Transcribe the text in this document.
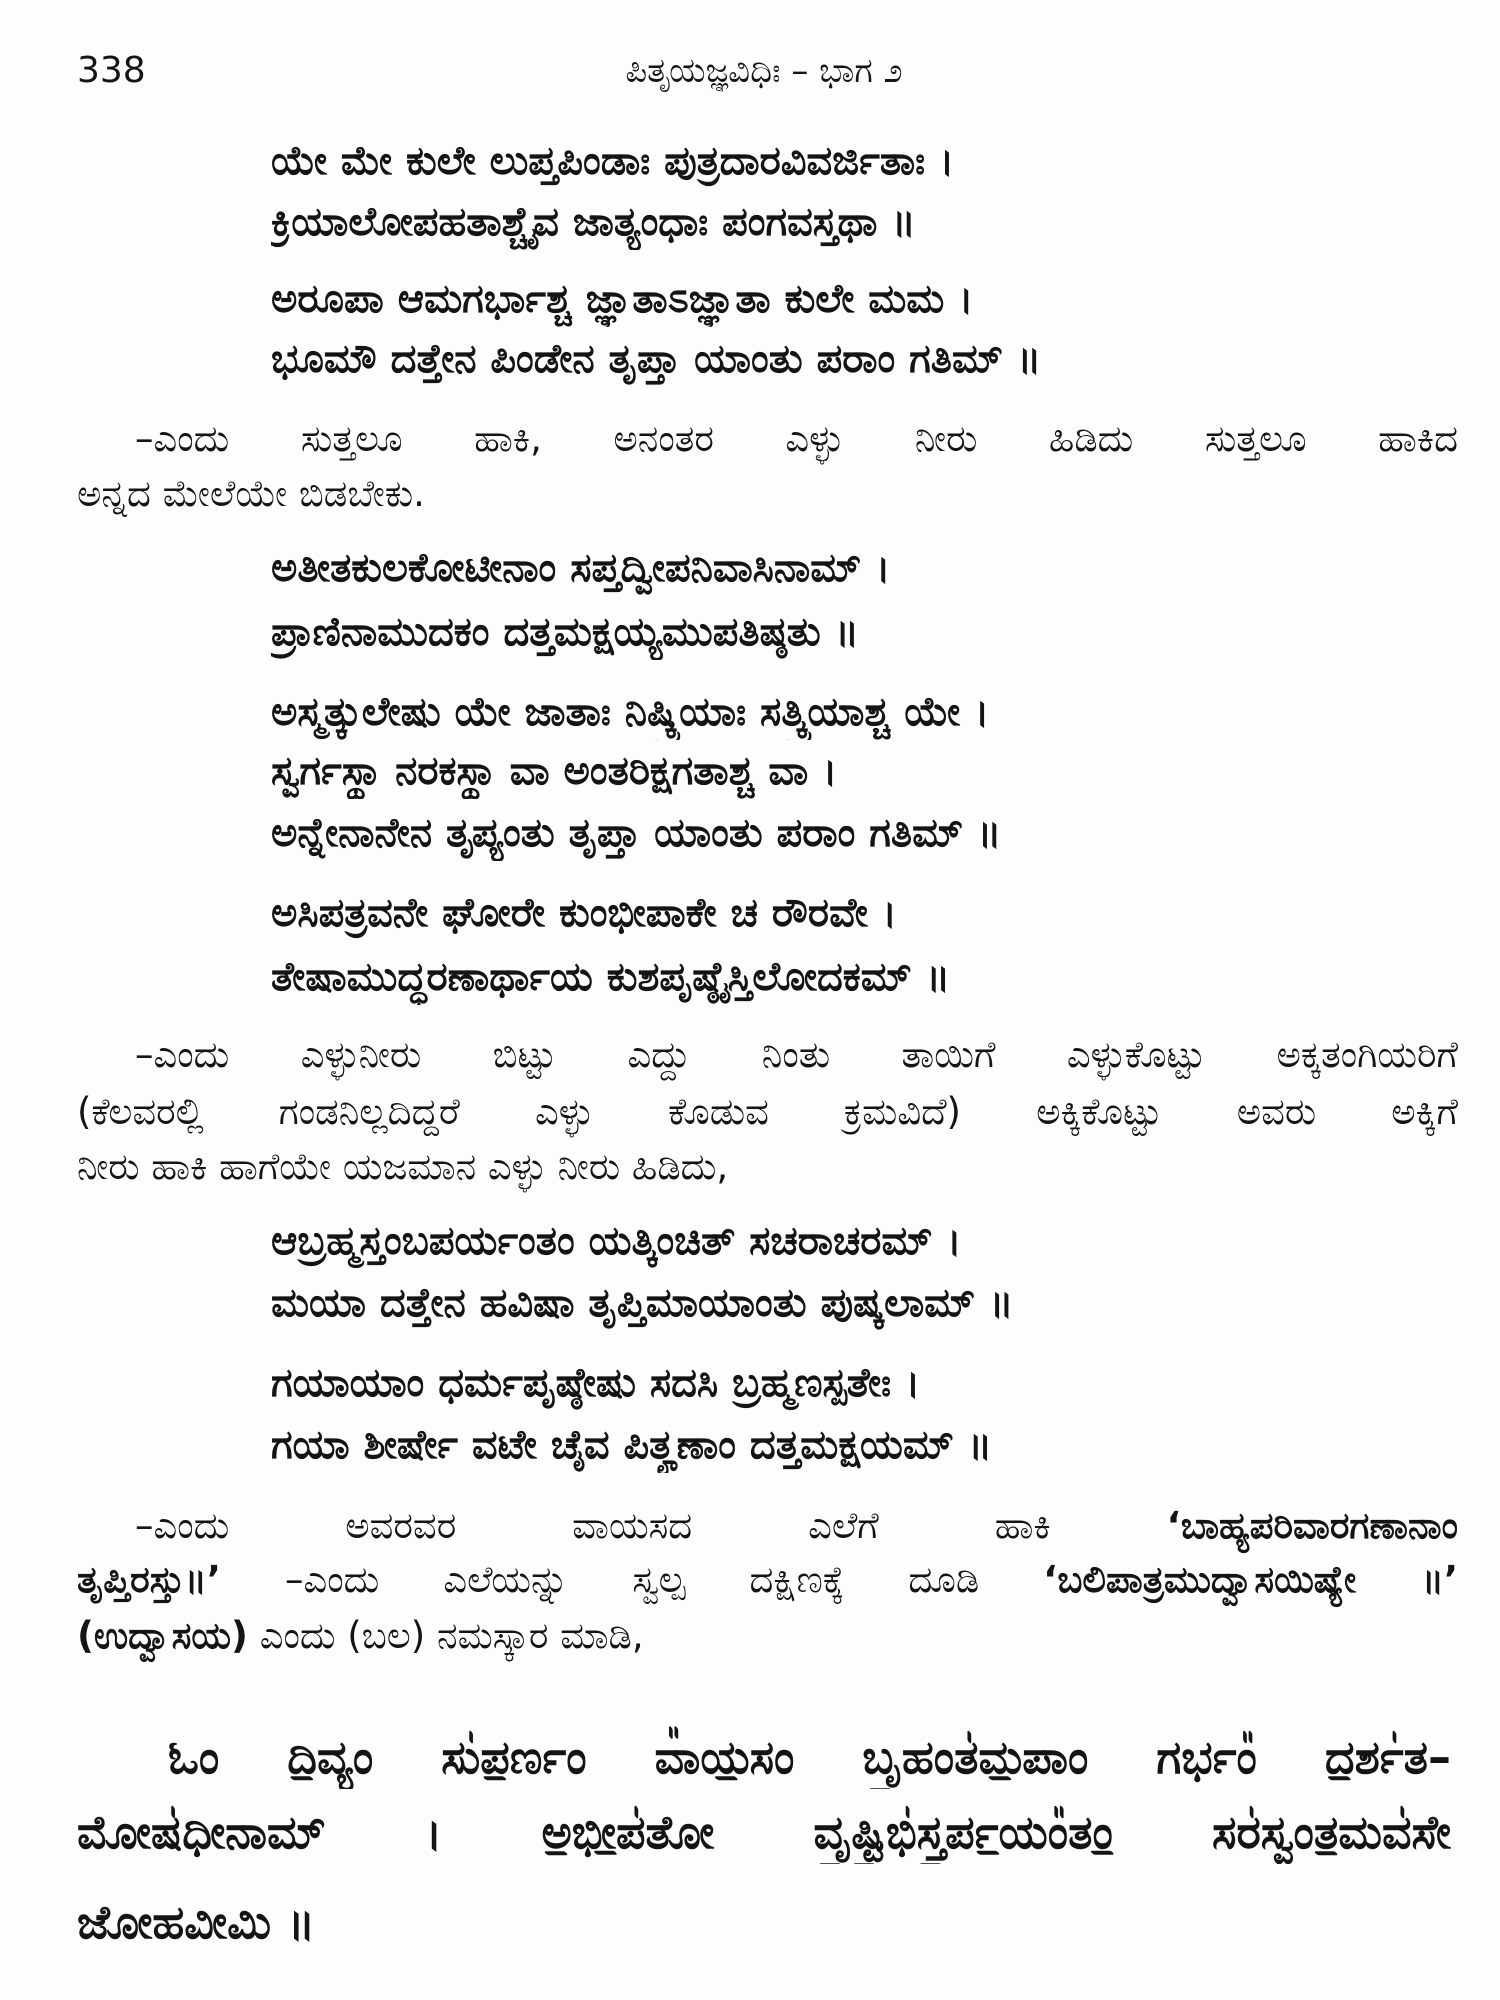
338	ಪಿತೃಯಜ್ಞವಿಧಿಃ – ಭಾಗ ೨
ಯೇ ಮೇ ಕುಲೇ ಲುಪ್ತಪಿಂಡಾಃ ಪುತ್ರದಾರವಿವರ್ಜಿತಾಃ ।
ಕ್ರಿಯಾಲೋಪಹತಾಶ್ಚೈವ ಜಾತ್ಯಂಧಾಃ ಪಂಗವಸ್ತಥಾ ॥
ಅರೂಪಾ ಆಮಗರ್ಭಾಶ್ಚ ಜ್ಞಾತಾಽಜ್ಞಾತಾ ಕುಲೇ ಮಮ ।
ಭೂಮೌ ದತ್ತೇನ ಪಿಂಡೇನ ತೃಪ್ತಾ ಯಾಂತು ಪರಾಂ ಗತಿಮ್ ॥
–ಎಂದು ಸುತ್ತಲೂ ಹಾಕಿ, ಅನಂತರ ಎಳ್ಳು ನೀರು ಹಿಡಿದು ಸುತ್ತಲೂ ಹಾಕಿದ
ಅನ್ನದ ಮೇಲೆಯೇ ಬಿಡಬೇಕು.
ಅತೀತಕುಲಕೋಟೀನಾಂ ಸಪ್ತದ್ವೀಪನಿವಾಸಿನಾಮ್ ।
ಪ್ರಾಣಿನಾಮುದಕಂ ದತ್ತಮಕ್ಷಯ್ಯಮುಪತಿಷ್ಠತು ॥
ಅಸ್ಮತ್ಕುಲೇಷು ಯೇ ಜಾತಾಃ ನಿಷ್ಕ್ರಿಯಾಃ ಸತ್ಕ್ರಿಯಾಶ್ಚ ಯೇ ।
ಸ್ವರ್ಗಸ್ಥಾ ನರಕಸ್ಥಾ ವಾ ಅಂತರಿಕ್ಷಗತಾಶ್ಚ ವಾ ।
ಅನ್ನೇನಾನೇನ ತೃಪ್ಯಂತು ತೃಪ್ತಾ ಯಾಂತು ಪರಾಂ ಗತಿಮ್ ॥
ಅಸಿಪತ್ರವನೇ ಘೋರೇ ಕುಂಭೀಪಾಕೇ ಚ ರೌರವೇ ।
ತೇಷಾಮುದ್ಧರಣಾರ್ಥಾಯ ಕುಶಪೃಷ್ಠೈಸ್ತಿಲೋದಕಮ್ ॥
–ಎಂದು ಎಳ್ಳುನೀರು ಬಿಟ್ಟು ಎದ್ದು ನಿಂತು ತಾಯಿಗೆ ಎಳ್ಳುಕೊಟ್ಟು ಅಕ್ಕತಂಗಿಯರಿಗೆ
(ಕೆಲವರಲ್ಲಿ ಗಂಡನಿಲ್ಲದಿದ್ದರೆ ಎಳ್ಳು ಕೊಡುವ ಕ್ರಮವಿದೆ) ಅಕ್ಕಿಕೊಟ್ಟು ಅವರು ಅಕ್ಕಿಗೆ
ನೀರು ಹಾಕಿ ಹಾಗೆಯೇ ಯಜಮಾನ ಎಳ್ಳು ನೀರು ಹಿಡಿದು,
ಆಬ್ರಹ್ಮಸ್ತಂಬಪರ್ಯಂತಂ ಯತ್ಕಿಂಚಿತ್ ಸಚರಾಚರಮ್ ।
ಮಯಾ ದತ್ತೇನ ಹವಿಷಾ ತೃಪ್ತಿಮಾಯಾಂತು ಪುಷ್ಕಲಾಮ್ ॥
ಗಯಾಯಾಂ ಧರ್ಮಪೃಷ್ಠೇಷು ಸದಸಿ ಬ್ರಹ್ಮಣಸ್ಪತೇಃ ।
ಗಯಾ ಶೀರ್ಷೇ ವಟೇ ಚೈವ ಪಿತೄಣಾಂ ದತ್ತಮಕ್ಷಯಮ್ ॥
–ಎಂದು ಅವರವರ ವಾಯಸದ ಎಲೆಗೆ ಹಾಕಿ	‘ಬಾಹ್ಯಪರಿವಾರಗಣಾನಾಂ
ತೃಪ್ತಿರಸ್ತು॥’ –ಎಂದು ಎಲೆಯನ್ನು ಸ್ವಲ್ಪ ದಕ್ಷಿಣಕ್ಕೆ ದೂಡಿ ‘ಬಲಿಪಾತ್ರಮುದ್ವಾಸಯಿಷ್ಯೇ ॥’
(ಉದ್ವಾಸಯ) ಎಂದು (ಬಲ) ನಮಸ್ಕಾರ ಮಾಡಿ,
ಓಂ ದಿ॒ವ್ಯಂ ಸು॑ಪ॒ರ್ಣಂ ವಾ᳚ಯ॒ಸಂ ಬೃ॒ಹಂತ॑ಮ॒ಪಾಂ ಗರ್ಭಂ᳚ ದ॒ರ್ಶ॑ತ–
ಮೋಷ॑ಧೀನಾಮ್ । ಅ॒ಭೀ॒ಪ॑ತೋ ವೃ॒ಷ್ಟಿ॒ಭಿ॑ಸ್ತ॒ರ್ಪ॒ಯಂ᳚ತಂ॒ ಸರ॑ಸ್ವಂತ॒ಮವ॑ಸೇ
ಜೋಹವೀಮಿ ॥
